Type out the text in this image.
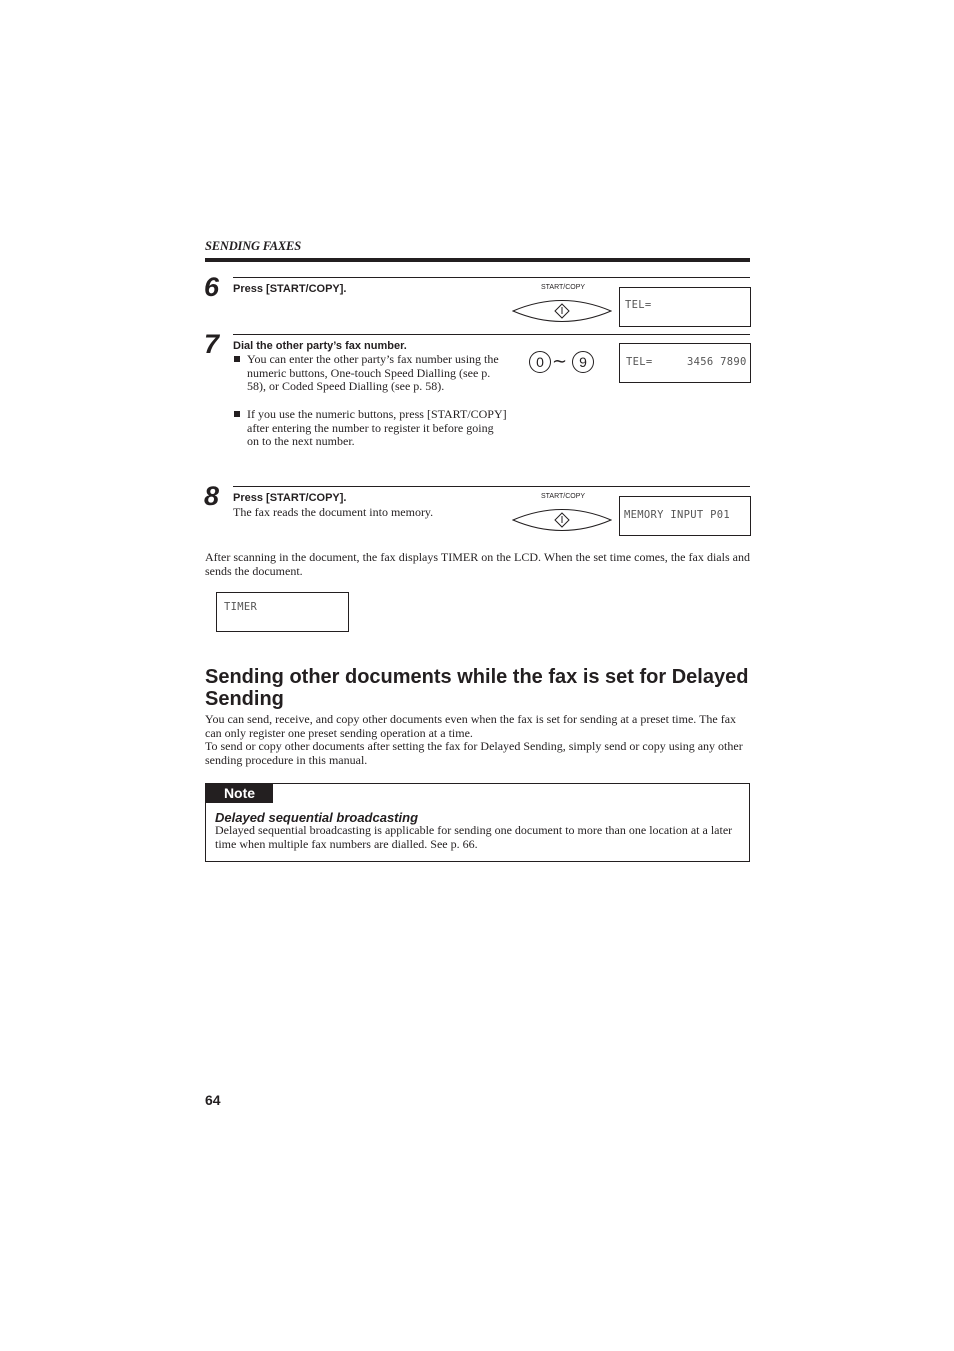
SENDING FAXES
6 Press [START/COPY].	START/COPY
TEL=
7 Dial the other party’s fax number.
You can enter the other party’s fax number using the numeric buttons, One-touch Speed Dialling (see p. 58), or Coded Speed Dialling (see p. 58).
If you use the numeric buttons, press [START/COPY] after entering the number to register it before going on to the next number.
0 ∼ 9	TEL=	3456 7890
8 Press [START/COPY].
The fax reads the document into memory.
START/COPY
MEMORY INPUT P01
After scanning in the document, the fax displays TIMER on the LCD. When the set time comes, the fax dials and sends the document.
TIMER
Sending other documents while the fax is set for Delayed Sending
You can send, receive, and copy other documents even when the fax is set for sending at a preset time. The fax can only register one preset sending operation at a time.
To send or copy other documents after setting the fax for Delayed Sending, simply send or copy using any other sending procedure in this manual.
Note
Delayed sequential broadcasting
Delayed sequential broadcasting is applicable for sending one document to more than one location at a later time when multiple fax numbers are dialled. See p. 66.
64
